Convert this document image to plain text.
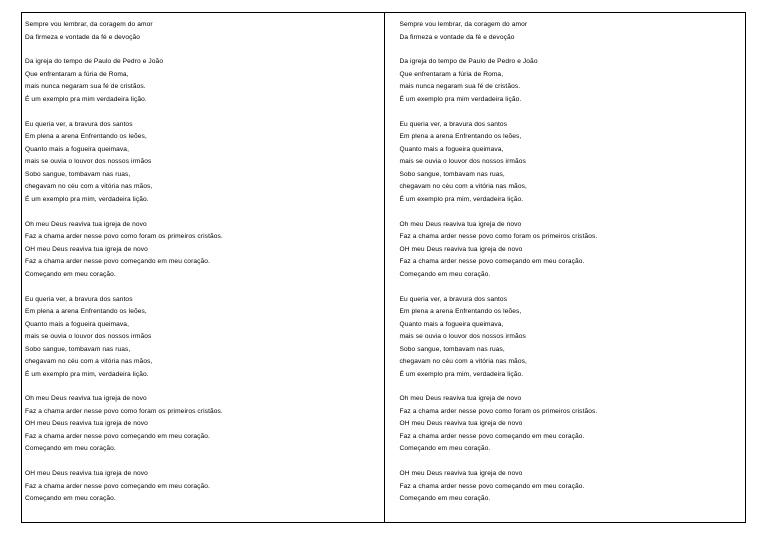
Sempre vou lembrar, da coragem do amor
Da firmeza e vontade da fé e devoção
Da igreja do tempo de Paulo de Pedro e João
Que enfrentaram a fúria de Roma,
mais nunca negaram sua fé de cristãos.
É um exemplo pra mim verdadeira lição.
Eu queria ver, a bravura dos santos
Em plena a arena Enfrentando os leões,
Quanto mais a fogueira queimava,
mais se ouvia o louvor dos nossos irmãos
Sobo sangue, tombavam nas ruas,
chegavam no céu com a vitória nas mãos,
É um exemplo pra mim, verdadeira lição.
Oh meu Deus reaviva tua igreja de novo
Faz a chama arder nesse povo como foram os primeiros cristãos.
OH meu Deus reaviva tua igreja de novo
Faz a chama arder nesse povo começando em meu coração.
Começando em meu coração.
Eu queria ver, a bravura dos santos
Em plena a arena Enfrentando os leões,
Quanto mais a fogueira queimava,
mais se ouvia o louvor dos nossos irmãos
Sobo sangue, tombavam nas ruas,
chegavam no céu com a vitória nas mãos,
É um exemplo pra mim, verdadeira lição.
Oh meu Deus reaviva tua igreja de novo
Faz a chama arder nesse povo como foram os primeiros cristãos.
OH meu Deus reaviva tua igreja de novo
Faz a chama arder nesse povo começando em meu coração.
Começando em meu coração.
OH meu Deus reaviva tua igreja de novo
Faz a chama arder nesse povo começando em meu coração.
Começando em meu coração.
Sempre vou lembrar, da coragem do amor
Da firmeza e vontade da fé e devoção
Da igreja do tempo de Paulo de Pedro e João
Que enfrentaram a fúria de Roma,
mais nunca negaram sua fé de cristãos.
É um exemplo pra mim verdadeira lição.
Eu queria ver, a bravura dos santos
Em plena a arena Enfrentando os leões,
Quanto mais a fogueira queimava,
mais se ouvia o louvor dos nossos irmãos
Sobo sangue, tombavam nas ruas,
chegavam no céu com a vitória nas mãos,
É um exemplo pra mim, verdadeira lição.
Oh meu Deus reaviva tua igreja de novo
Faz a chama arder nesse povo como foram os primeiros cristãos.
OH meu Deus reaviva tua igreja de novo
Faz a chama arder nesse povo começando em meu coração.
Começando em meu coração.
Eu queria ver, a bravura dos santos
Em plena a arena Enfrentando os leões,
Quanto mais a fogueira queimava,
mais se ouvia o louvor dos nossos irmãos
Sobo sangue, tombavam nas ruas,
chegavam no céu com a vitória nas mãos,
É um exemplo pra mim, verdadeira lição.
Oh meu Deus reaviva tua igreja de novo
Faz a chama arder nesse povo como foram os primeiros cristãos.
OH meu Deus reaviva tua igreja de novo
Faz a chama arder nesse povo começando em meu coração.
Começando em meu coração.
OH meu Deus reaviva tua igreja de novo
Faz a chama arder nesse povo começando em meu coração.
Começando em meu coração.
